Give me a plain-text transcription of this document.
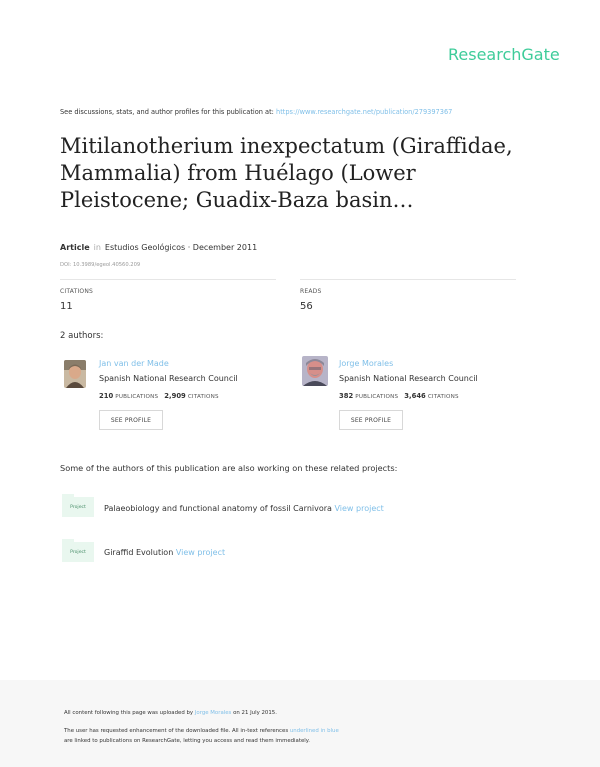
ResearchGate
See discussions, stats, and author profiles for this publication at: https://www.researchgate.net/publication/279397367
Mitilanotherium inexpectatum (Giraffidae, Mammalia) from Huélago (Lower Pleistocene; Guadix-Baza basin…
Article in Estudios Geológicos · December 2011
DOI: 10.3989/egeol.40560.209
CITATIONS
11
READS
56
2 authors:
Jan van der Made
Spanish National Research Council
210 PUBLICATIONS 2,909 CITATIONS
SEE PROFILE
Jorge Morales
Spanish National Research Council
382 PUBLICATIONS 3,646 CITATIONS
SEE PROFILE
Some of the authors of this publication are also working on these related projects:
Project	Palaeobiology and functional anatomy of fossil Carnivora View project
Project	Giraffid Evolution View project
All content following this page was uploaded by Jorge Morales on 21 July 2015.
The user has requested enhancement of the downloaded file. All in-text references underlined in blue
are linked to publications on ResearchGate, letting you access and read them immediately.
